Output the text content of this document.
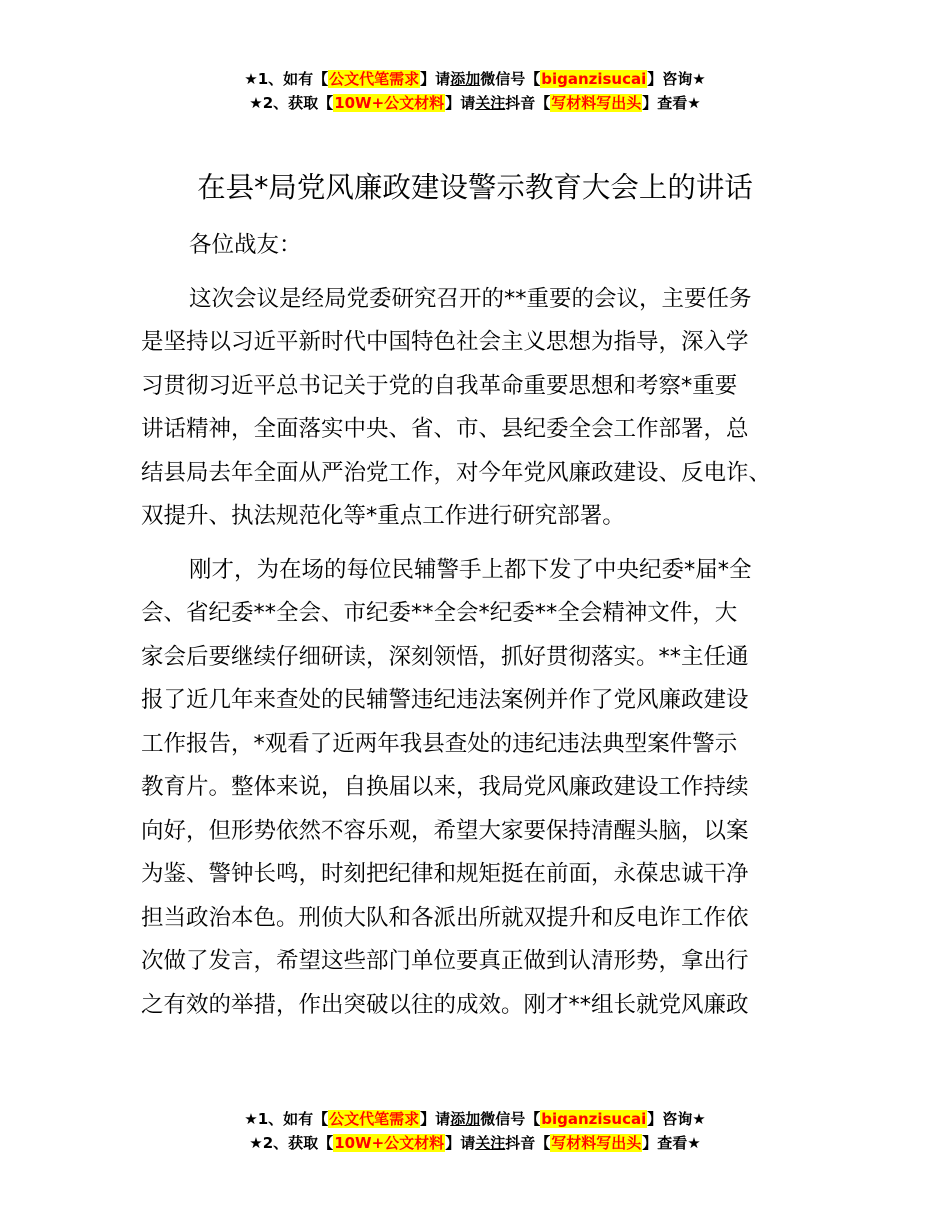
★1、如有【公文代笔需求】请添加微信号【biganzisucai】咨询★
★2、获取【10W+公文材料】请关注抖音【写材料写出头】查看★
在县*局党风廉政建设警示教育大会上的讲话
各位战友：
这次会议是经局党委研究召开的**重要的会议，主要任务
是坚持以习近平新时代中国特色社会主义思想为指导，深入学
习贯彻习近平总书记关于党的自我革命重要思想和考察*重要
讲话精神，全面落实中央、省、市、县纪委全会工作部署，总
结县局去年全面从严治党工作，对今年党风廉政建设、反电诈、
双提升、执法规范化等*重点工作进行研究部署。
刚才，为在场的每位民辅警手上都下发了中央纪委*届*全
会、省纪委**全会、市纪委**全会*纪委**全会精神文件，大
家会后要继续仔细研读，深刻领悟，抓好贯彻落实。**主任通
报了近几年来查处的民辅警违纪违法案例并作了党风廉政建设
工作报告，*观看了近两年我县查处的违纪违法典型案件警示
教育片。整体来说，自换届以来，我局党风廉政建设工作持续
向好，但形势依然不容乐观，希望大家要保持清醒头脑，以案
为鉴、警钟长鸣，时刻把纪律和规矩挺在前面，永葆忠诚干净
担当政治本色。刑侦大队和各派出所就双提升和反电诈工作依
次做了发言，希望这些部门单位要真正做到认清形势，拿出行
之有效的举措，作出突破以往的成效。刚才**组长就党风廉政
★1、如有【公文代笔需求】请添加微信号【biganzisucai】咨询★
★2、获取【10W+公文材料】请关注抖音【写材料写出头】查看★
